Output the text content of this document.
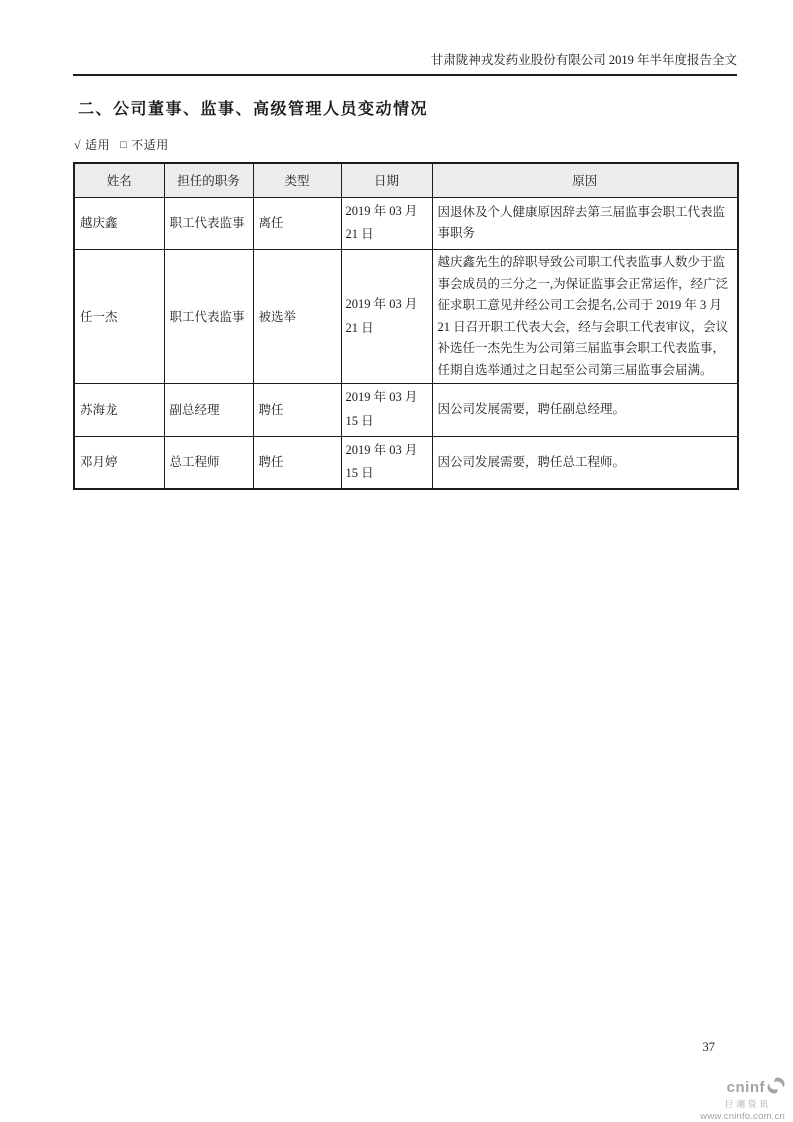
甘肃陇神戎发药业股份有限公司 2019 年半年度报告全文
二、公司董事、监事、高级管理人员变动情况
√ 适用 □ 不适用
姓名	担任的职务	类型	日期	原因
越庆鑫	职工代表监事	离任	2019 年 03 月 21 日	因退休及个人健康原因辞去第三届监事会职工代表监事职务
任一杰	职工代表监事	被选举	2019 年 03 月 21 日	越庆鑫先生的辞职导致公司职工代表监事人数少于监事会成员的三分之一,为保证监事会正常运作，经广泛征求职工意见并经公司工会提名,公司于 2019 年 3 月 21 日召开职工代表大会，经与会职工代表审议，会议补选任一杰先生为公司第三届监事会职工代表监事，任期自选举通过之日起至公司第三届监事会届满。
苏海龙	副总经理	聘任	2019 年 03 月 15 日	因公司发展需要，聘任副总经理。
邓月婷	总工程师	聘任	2019 年 03 月 15 日	因公司发展需要，聘任总工程师。
37
cninf
巨潮资讯
www.cninfo.com.cn
